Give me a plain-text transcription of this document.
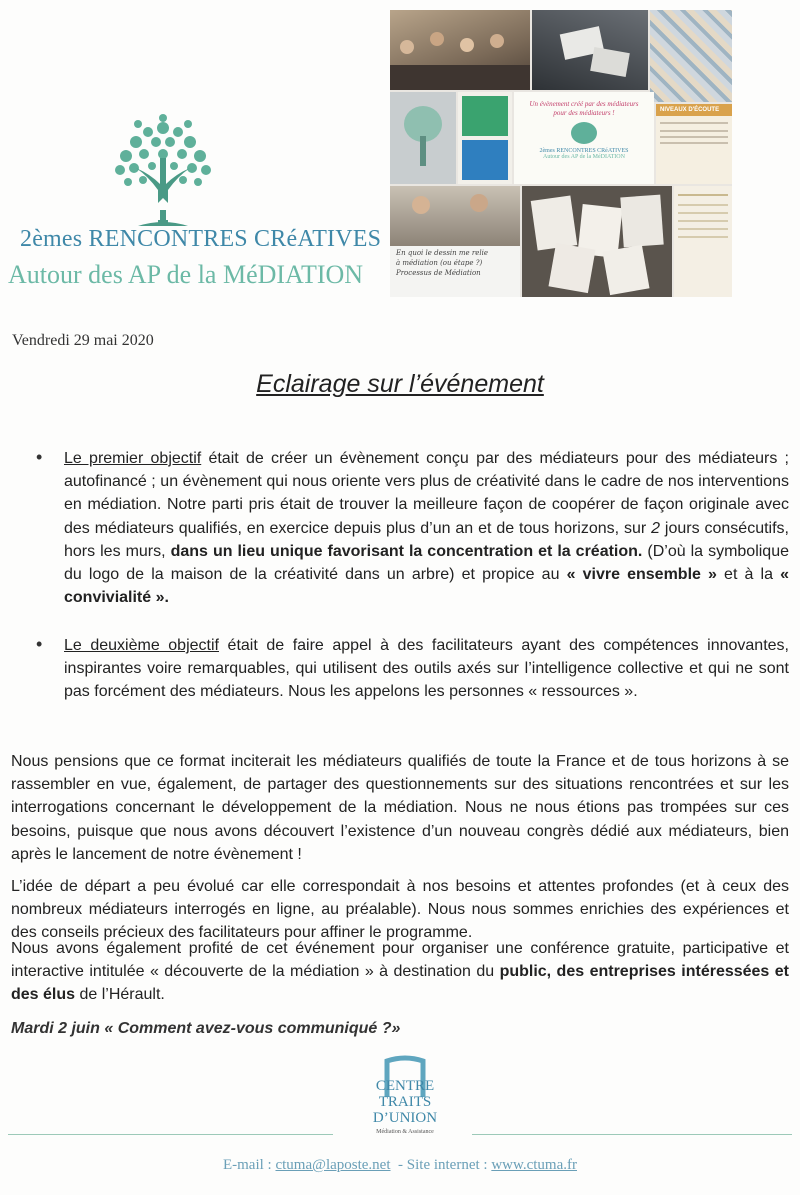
2èmes RENCONTRES CRéATIVES
Autour des AP de la MéDIATION
Un évènement créé par des médiateurs pour des médiateurs !
2èmes RENCONTRES CRéATIVES
Autour des AP de la MéDIATION
NIVEAUX D'ÉCOUTE
En quoi le dessin me relie
à médiation (ou étape ?)
Processus de Médiation
Vendredi 29 mai 2020
Eclairage sur l’événement
• Le premier objectif était de créer un évènement conçu par des médiateurs pour des médiateurs ; autofinancé ; un évènement qui nous oriente vers plus de créativité dans le cadre de nos interventions en médiation. Notre parti pris était de trouver la meilleure façon de coopérer de façon originale avec des médiateurs qualifiés, en exercice depuis plus d’un an et de tous horizons, sur 2 jours consécutifs, hors les murs, dans un lieu unique favorisant la concentration et la création. (D’où la symbolique du logo de la maison de la créativité dans un arbre) et propice au « vivre ensemble » et à la « convivialité ».
• Le deuxième objectif était de faire appel à des facilitateurs ayant des compétences innovantes, inspirantes voire remarquables, qui utilisent des outils axés sur l’intelligence collective et qui ne sont pas forcément des médiateurs. Nous les appelons les personnes « ressources ».
Nous pensions que ce format inciterait les médiateurs qualifiés de toute la France et de tous horizons à se rassembler en vue, également, de partager des questionnements sur des situations rencontrées et sur les interrogations concernant le développement de la médiation. Nous ne nous étions pas trompées sur ces besoins, puisque que nous avons découvert l’existence d’un nouveau congrès dédié aux médiateurs, bien après le lancement de notre évènement !
L’idée de départ a peu évolué car elle correspondait à nos besoins et attentes profondes (et à ceux des nombreux médiateurs interrogés en ligne, au préalable). Nous nous sommes enrichies des expériences et des conseils précieux des facilitateurs pour affiner le programme.
Nous avons également profité de cet événement pour organiser une conférence gratuite, participative et interactive intitulée « découverte de la médiation » à destination du public, des entreprises intéressées et des élus de l’Hérault.
Mardi 2 juin « Comment avez-vous communiqué ?»
CENTRE
TRAITS
D’UNION
Médiation & Assistance
E-mail : ctuma@laposte.net  - Site internet : www.ctuma.fr
